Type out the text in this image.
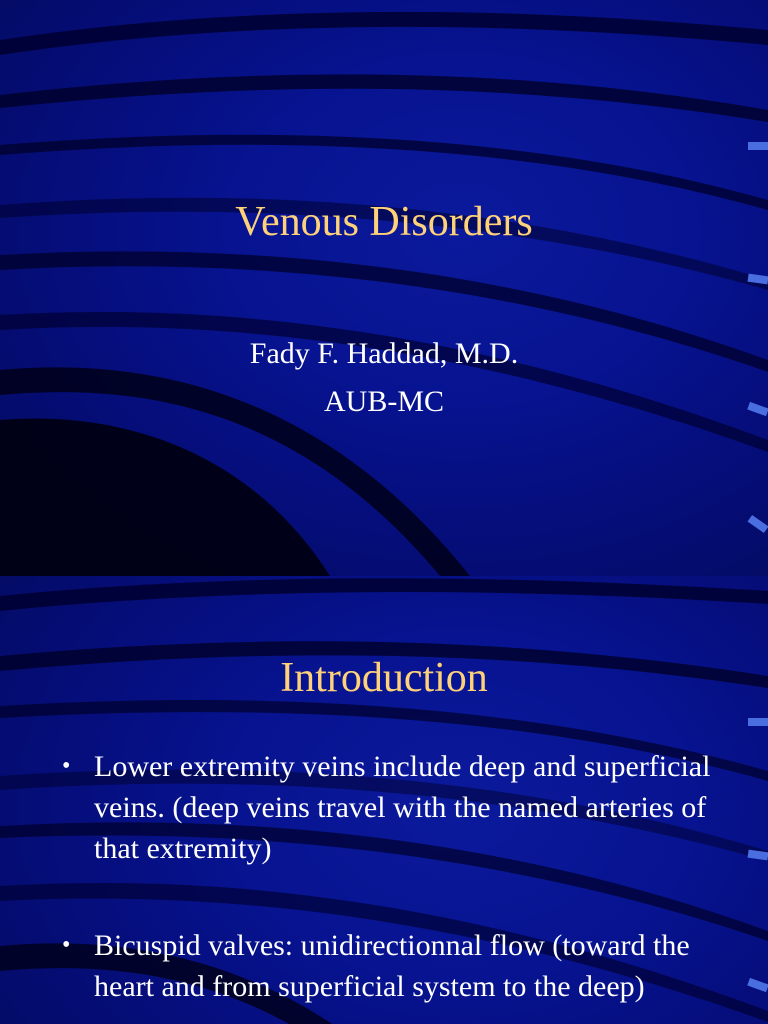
Venous Disorders
Fady F. Haddad, M.D.
AUB-MC
Introduction
• Lower extremity veins include deep and superficial veins. (deep veins travel with the named arteries of that extremity)
• Bicuspid valves: unidirectionnal flow (toward the heart and from superficial system to the deep)
